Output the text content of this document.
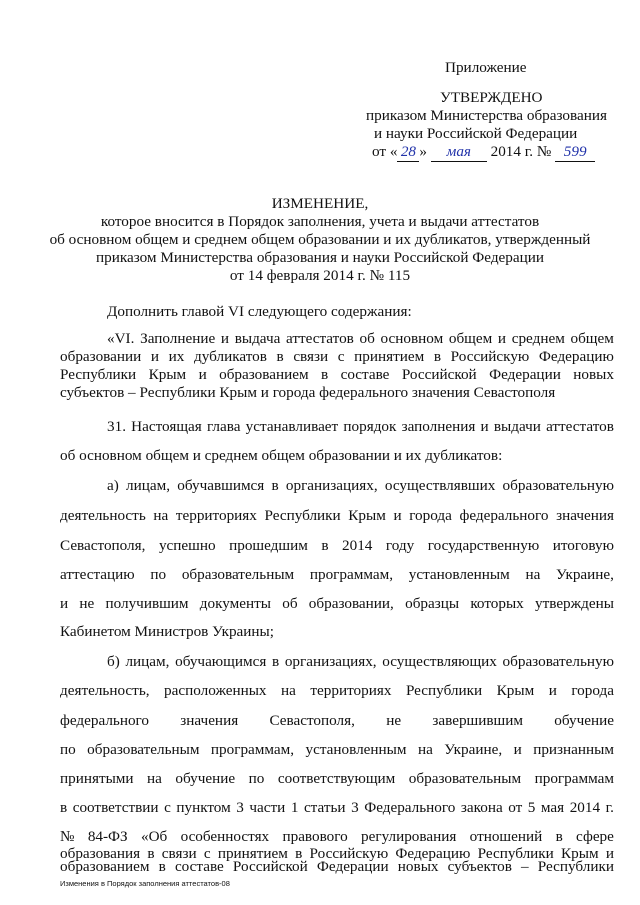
Приложение
УТВЕРЖДЕНО
приказом Министерства образования
и науки Российской Федерации
от « 28 » мая 2014 г. № 599
ИЗМЕНЕНИЕ,
которое вносится в Порядок заполнения, учета и выдачи аттестатов
об основном общем и среднем общем образовании и их дубликатов, утвержденный
приказом Министерства образования и науки Российской Федерации
от 14 февраля 2014 г. № 115
Дополнить главой VI следующего содержания:
«VI. Заполнение и выдача аттестатов об основном общем и среднем общем
образовании и их дубликатов в связи с принятием в Российскую Федерацию
Республики Крым и образованием в составе Российской Федерации новых
субъектов – Республики Крым и города федерального значения Севастополя
31. Настоящая глава устанавливает порядок заполнения и выдачи аттестатов
об основном общем и среднем общем образовании и их дубликатов:
а) лицам, обучавшимся в организациях, осуществлявших образовательную
деятельность на территориях Республики Крым и города федерального значения
Севастополя, успешно прошедшим в 2014 году государственную итоговую
аттестацию по образовательным программам, установленным на Украине,
и не получившим документы об образовании, образцы которых утверждены
Кабинетом Министров Украины;
б) лицам, обучающимся в организациях, осуществляющих образовательную
деятельность, расположенных на территориях Республики Крым и города
федерального значения Севастополя, не завершившим обучение
по образовательным программам, установленным на Украине, и признанным
принятыми на обучение по соответствующим образовательным программам
в соответствии с пунктом 3 части 1 статьи 3 Федерального закона от 5 мая 2014 г.
№ 84-ФЗ «Об особенностях правового регулирования отношений в сфере
образования в связи с принятием в Российскую Федерацию Республики Крым и
образованием в составе Российской Федерации новых субъектов – Республики
Изменения в Порядок заполнения аттестатов-08
